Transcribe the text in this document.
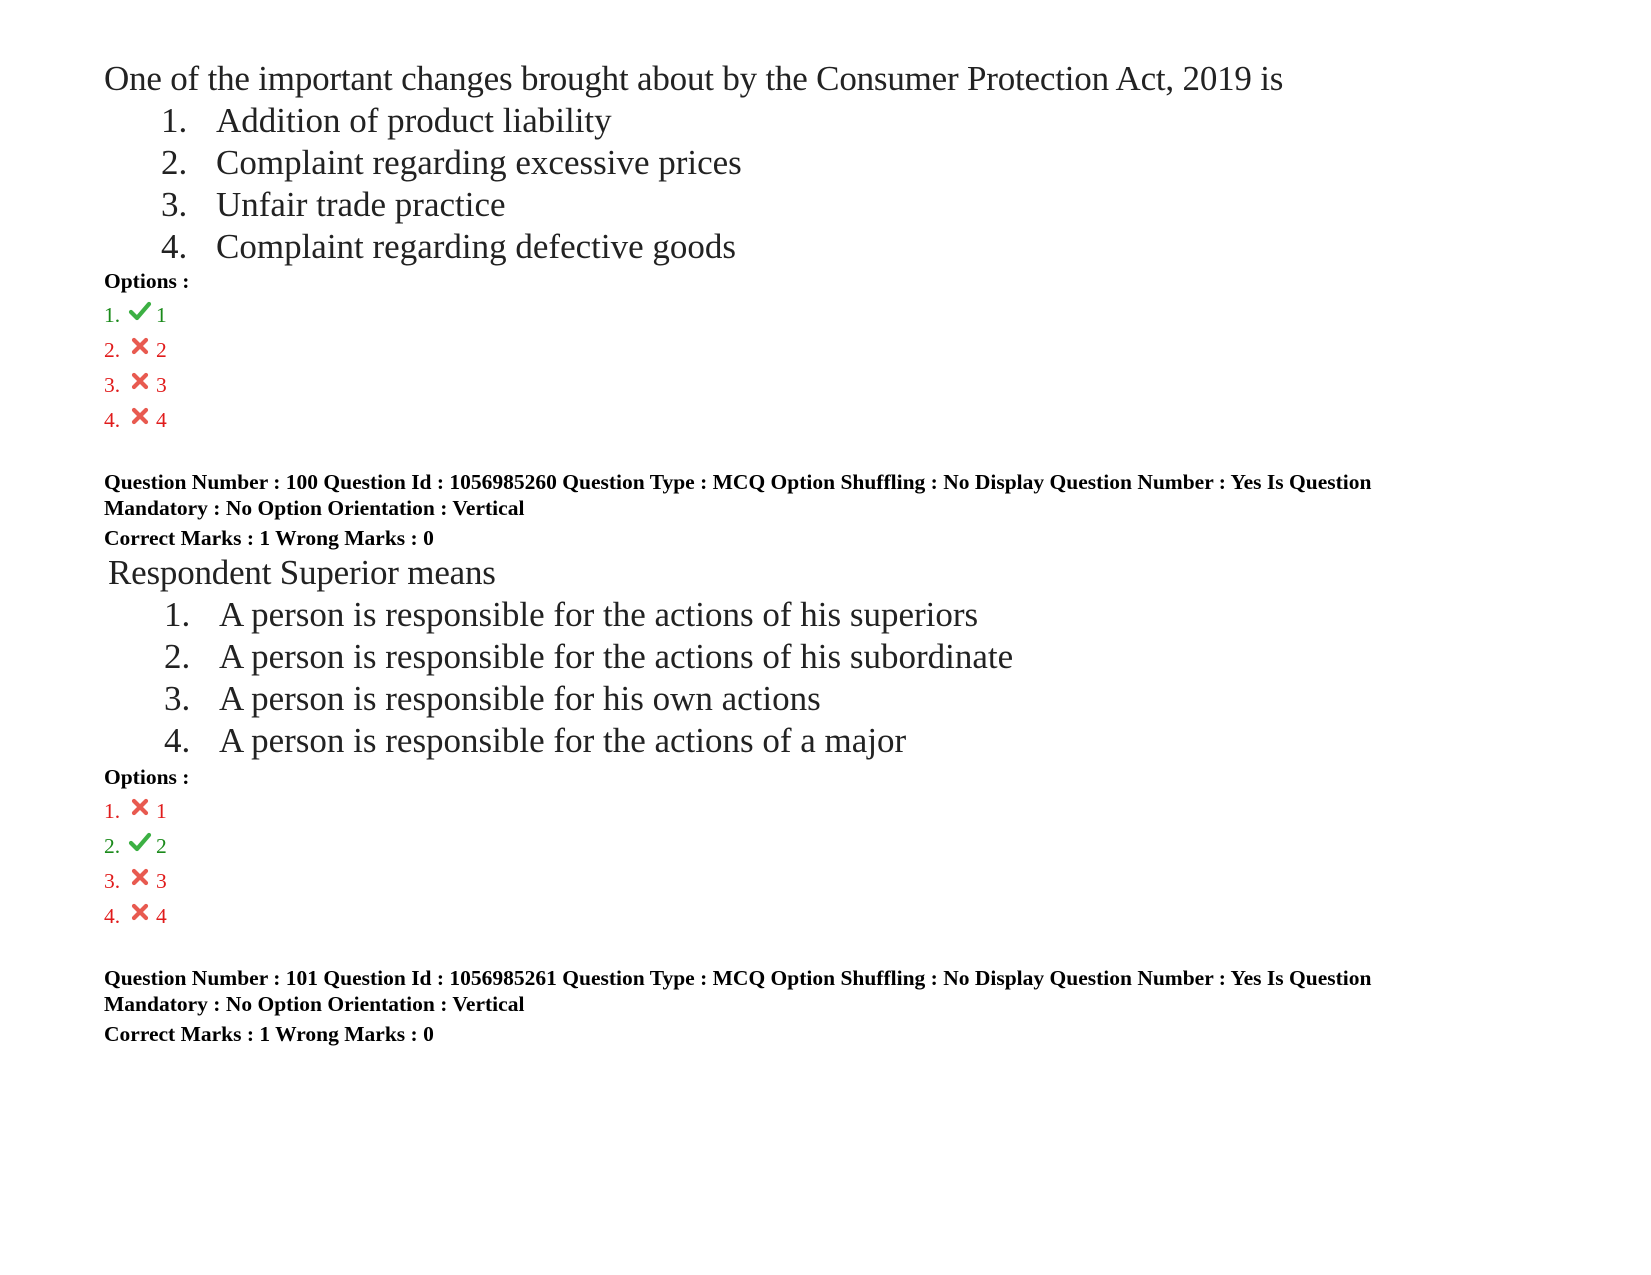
One of the important changes brought about by the Consumer Protection Act, 2019 is
1. Addition of product liability
2. Complaint regarding excessive prices
3. Unfair trade practice
4. Complaint regarding defective goods
Options :
1.	1
2.	2
3.	3
4.	4
Question Number : 100 Question Id : 1056985260 Question Type : MCQ Option Shuffling : No Display Question Number : Yes Is Question
Mandatory : No Option Orientation : Vertical
Correct Marks : 1 Wrong Marks : 0
Respondent Superior means
1. A person is responsible for the actions of his superiors
2. A person is responsible for the actions of his subordinate
3. A person is responsible for his own actions
4. A person is responsible for the actions of a major
Options :
1.	1
2.	2
3.	3
4.	4
Question Number : 101 Question Id : 1056985261 Question Type : MCQ Option Shuffling : No Display Question Number : Yes Is Question
Mandatory : No Option Orientation : Vertical
Correct Marks : 1 Wrong Marks : 0
